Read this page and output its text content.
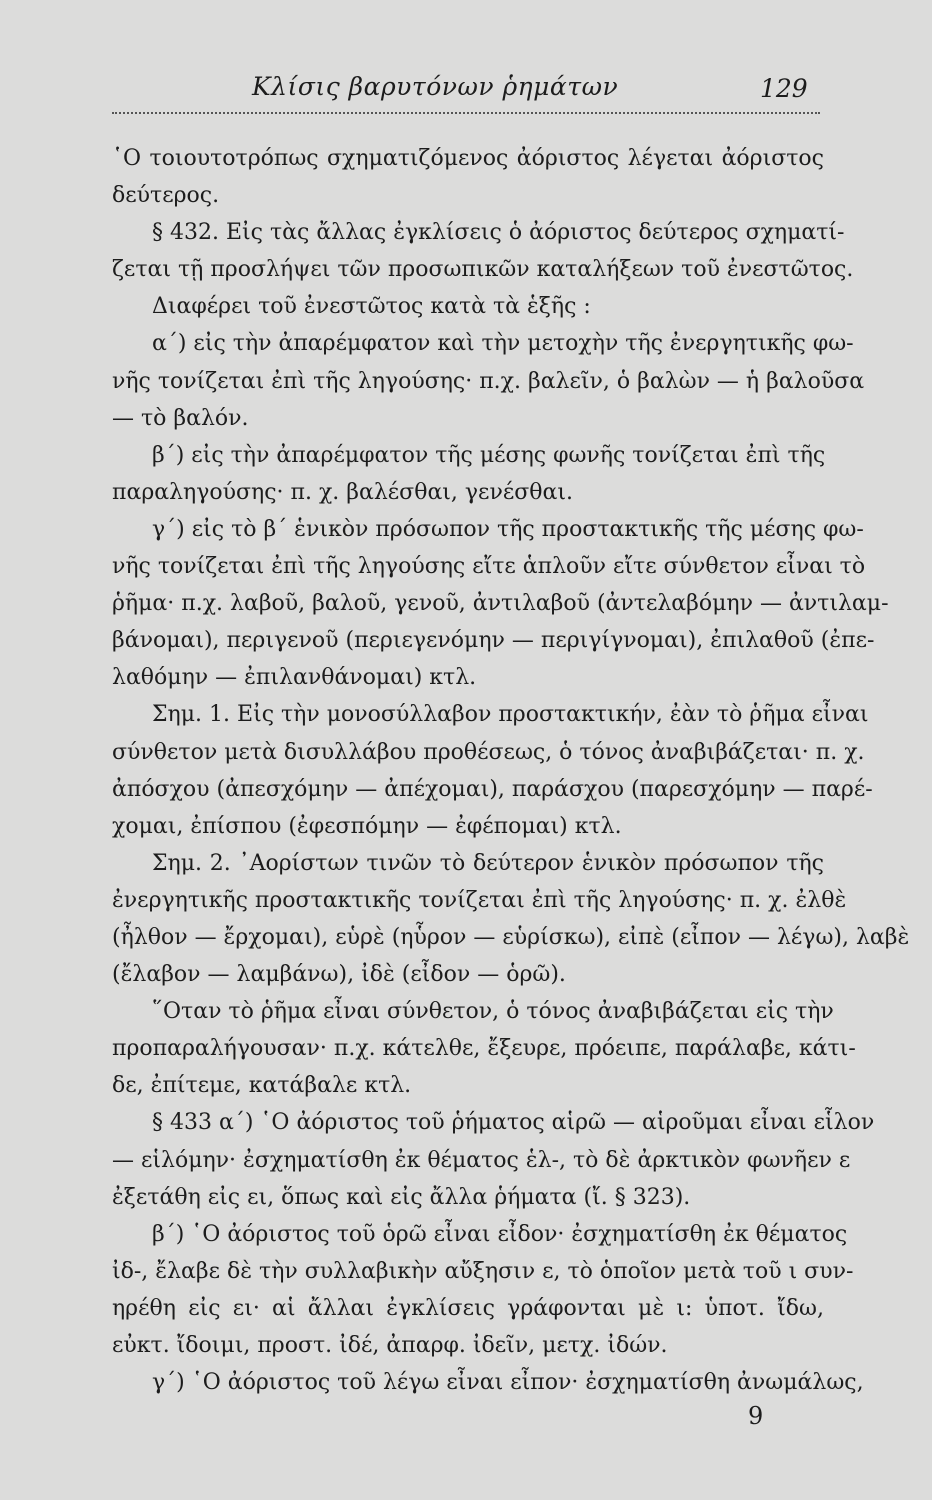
Κλίσις βαρυτόνων ῥημάτων	129
῾Ο τοιουτοτρόπως σχηματιζόμενος ἀόριστος λέγεται ἀόριστος
δεύτερος.
§ 432. Εἰς τὰς ἄλλας ἐγκλίσεις ὁ ἀόριστος δεύτερος σχηματί-
ζεται τῇ προσλήψει τῶν προσωπικῶν καταλήξεων τοῦ ἐνεστῶτος.
Διαφέρει τοῦ ἐνεστῶτος κατὰ τὰ ἑξῆς :
α΄) εἰς τὴν ἀπαρέμφατον καὶ τὴν μετοχὴν τῆς ἐνεργητικῆς φω-
νῆς τονίζεται ἐπὶ τῆς ληγούσης· π.χ. βαλεῖν, ὁ βαλὼν — ἡ βαλοῦσα
— τὸ βαλόν.
β΄) εἰς τὴν ἀπαρέμφατον τῆς μέσης φωνῆς τονίζεται ἐπὶ τῆς
παραληγούσης· π. χ. βαλέσθαι, γενέσθαι.
γ΄) εἰς τὸ β΄ ἑνικὸν πρόσωπον τῆς προστακτικῆς τῆς μέσης φω-
νῆς τονίζεται ἐπὶ τῆς ληγούσης εἴτε ἁπλοῦν εἴτε σύνθετον εἶναι τὸ
ῥῆμα· π.χ. λαβοῦ, βαλοῦ, γενοῦ, ἀντιλαβοῦ (ἀντελαβόμην — ἀντιλαμ-
βάνομαι), περιγενοῦ (περιεγενόμην — περιγίγνομαι), ἐπιλαθοῦ (ἐπε-
λαθόμην — ἐπιλανθάνομαι) κτλ.
Σημ. 1. Εἰς τὴν μονοσύλλαβον προστακτικήν, ἐὰν τὸ ῥῆμα εἶναι
σύνθετον μετὰ δισυλλάβου προθέσεως, ὁ τόνος ἀναβιβάζεται· π. χ.
ἀπόσχου (ἀπεσχόμην — ἀπέχομαι), παράσχου (παρεσχόμην — παρέ-
χομαι, ἐπίσπου (ἐφεσπόμην — ἐφέπομαι) κτλ.
Σημ. 2. ᾿Αορίστων τινῶν τὸ δεύτερον ἑνικὸν πρόσωπον τῆς
ἐνεργητικῆς προστακτικῆς τονίζεται ἐπὶ τῆς ληγούσης· π. χ. ἐλθὲ
(ἦλθον — ἔρχομαι), εὑρὲ (ηὗρον — εὑρίσκω), εἰπὲ (εἶπον — λέγω), λαβὲ
(ἔλαβον — λαμβάνω), ἰδὲ (εἶδον — ὁρῶ).
῞Οταν τὸ ῥῆμα εἶναι σύνθετον, ὁ τόνος ἀναβιβάζεται εἰς τὴν
προπαραλήγουσαν· π.χ. κάτελθε, ἔξευρε, πρόειπε, παράλαβε, κάτι-
δε, ἐπίτεμε, κατάβαλε κτλ.
§ 433 α΄) ῾Ο ἀόριστος τοῦ ῥήματος αἱρῶ — αἱροῦμαι εἶναι εἷλον
— εἱλόμην· ἐσχηματίσθη ἐκ θέματος ἑλ-, τὸ δὲ ἀρκτικὸν φωνῆεν ε
ἐξετάθη εἰς ει, ὅπως καὶ εἰς ἄλλα ῥήματα (ἴ. § 323).
β΄) ῾Ο ἀόριστος τοῦ ὁρῶ εἶναι εἶδον· ἐσχηματίσθη ἐκ θέματος
ἰδ-, ἔλαβε δὲ τὴν συλλαβικὴν αὔξησιν ε, τὸ ὁποῖον μετὰ τοῦ ι συν-
ηρέθη εἰς ει· αἱ ἄλλαι ἐγκλίσεις γράφονται μὲ ι: ὑποτ. ἴδω,
εὐκτ. ἴδοιμι, προστ. ἰδέ, ἀπαρφ. ἰδεῖν, μετχ. ἰδών.
γ΄) ῾Ο ἀόριστος τοῦ λέγω εἶναι εἶπον· ἐσχηματίσθη ἀνωμάλως,
9
